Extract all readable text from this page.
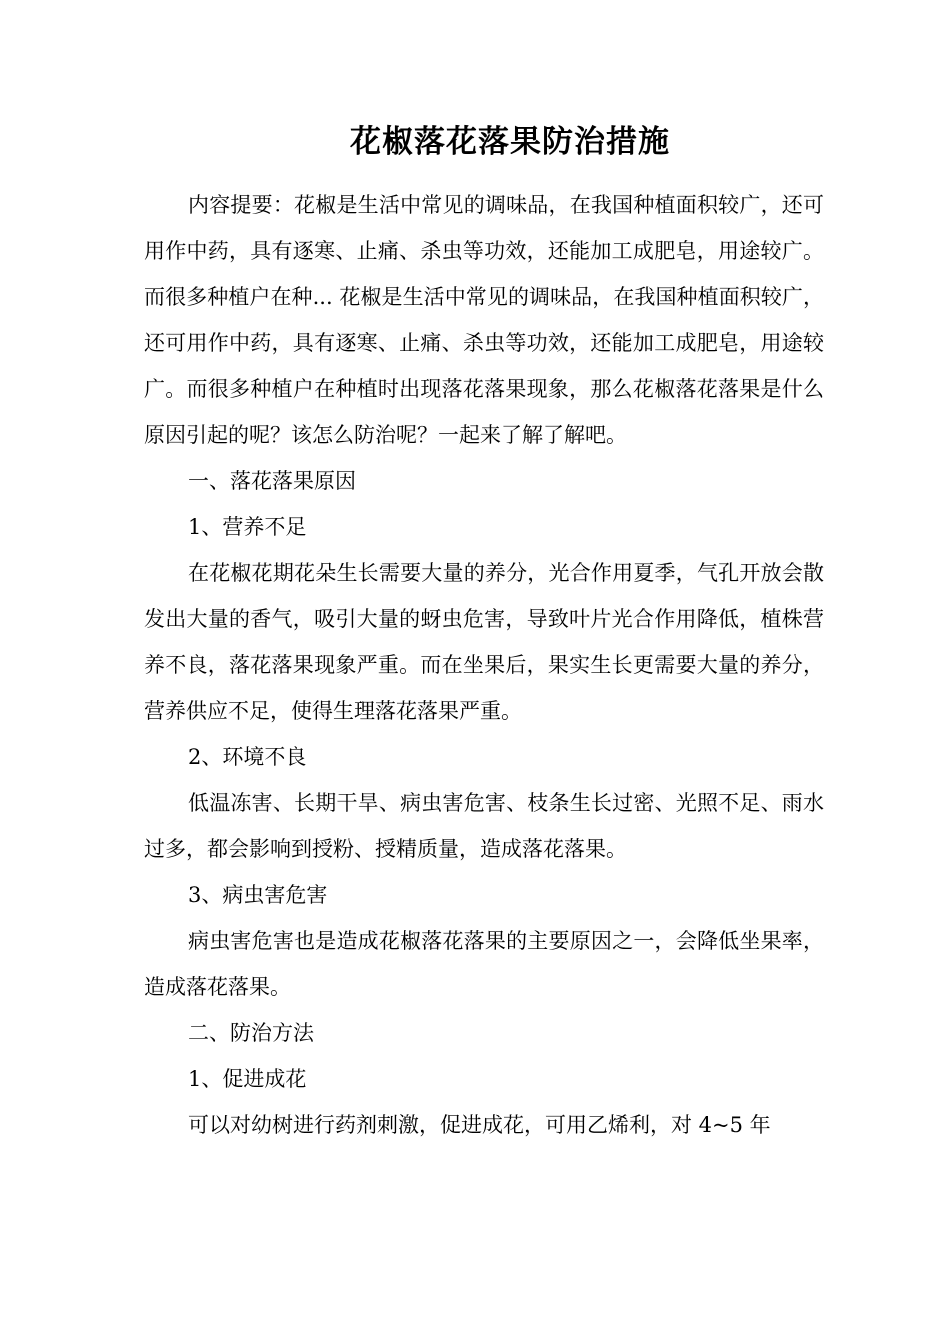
花椒落花落果防治措施

内容提要：花椒是生活中常见的调味品，在我国种植面积较广，还可用作中药，具有逐寒、止痛、杀虫等功效，还能加工成肥皂，用途较广。而很多种植户在种... 花椒是生活中常见的调味品，在我国种植面积较广，还可用作中药，具有逐寒、止痛、杀虫等功效，还能加工成肥皂，用途较广。而很多种植户在种植时出现落花落果现象，那么花椒落花落果是什么原因引起的呢？该怎么防治呢？一起来了解了解吧。

一、落花落果原因

1、营养不足

在花椒花期花朵生长需要大量的养分，光合作用夏季，气孔开放会散发出大量的香气，吸引大量的蚜虫危害，导致叶片光合作用降低，植株营养不良，落花落果现象严重。而在坐果后，果实生长更需要大量的养分，营养供应不足，使得生理落花落果严重。

2、环境不良

低温冻害、长期干旱、病虫害危害、枝条生长过密、光照不足、雨水过多，都会影响到授粉、授精质量，造成落花落果。

3、病虫害危害

病虫害危害也是造成花椒落花落果的主要原因之一，会降低坐果率，造成落花落果。

二、防治方法

1、促进成花

可以对幼树进行药剂刺激，促进成花，可用乙烯利，对 4~5 年
